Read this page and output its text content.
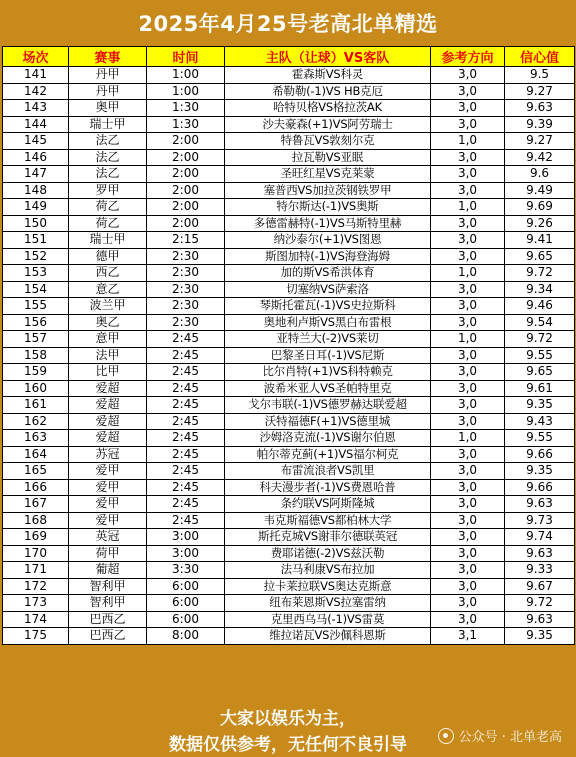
2025年4月25号老高北单精选
场次	赛事	时间	主队（让球）VS客队	参考方向	信心值
141	丹甲	1:00	霍森斯VS科灵	3,0	9.5
142	丹甲	1:00	希勒勒(-1)VS HB克厄	3,0	9.27
143	奥甲	1:30	哈特贝格VS格拉茨AK	3,0	9.63
144	瑞士甲	1:30	沙夫豪森(+1)VS阿劳瑞士	3,0	9.39
145	法乙	2:00	特鲁瓦VS敦刻尔克	1,0	9.27
146	法乙	2:00	拉瓦勒VS亚眠	3,0	9.42
147	法乙	2:00	圣旺红星VS克莱蒙	3,0	9.6
148	罗甲	2:00	塞普西VS加拉茨钢铁罗甲	3,0	9.49
149	荷乙	2:00	特尔斯达(-1)VS奥斯	1,0	9.69
150	荷乙	2:00	多德雷赫特(-1)VS马斯特里赫	3,0	9.26
151	瑞士甲	2:15	纳沙泰尔(+1)VS图恩	3,0	9.41
152	德甲	2:30	斯图加特(-1)VS海登海姆	3,0	9.65
153	西乙	2:30	加的斯VS希洪体育	1,0	9.72
154	意乙	2:30	切塞纳VS萨索洛	3,0	9.34
155	波兰甲	2:30	琴斯托霍瓦(-1)VS史拉斯科	3,0	9.46
156	奥乙	2:30	奥地利卢斯VS黑白布雷根	3,0	9.54
157	意甲	2:45	亚特兰大(-2)VS莱切	1,0	9.72
158	法甲	2:45	巴黎圣日耳(-1)VS尼斯	3,0	9.55
159	比甲	2:45	比尔肖特(+1)VS科特赖克	3,0	9.65
160	爱超	2:45	波希米亚人VS圣帕特里克	3,0	9.61
161	爱超	2:45	戈尔韦联(-1)VS德罗赫达联爱超	3,0	9.35
162	爱超	2:45	沃特福德F(+1)VS德里城	3,0	9.43
163	爱超	2:45	沙姆洛克流(-1)VS谢尔伯恩	1,0	9.55
164	苏冠	2:45	帕尔蒂克蓟(+1)VS福尔柯克	3,0	9.66
165	爱甲	2:45	布雷流浪者VS凯里	3,0	9.35
166	爱甲	2:45	科夫漫步者(-1)VS费恩哈普	3,0	9.66
167	爱甲	2:45	条约联VS阿斯隆城	3,0	9.63
168	爱甲	2:45	韦克斯福德VS都柏林大学	3,0	9.73
169	英冠	3:00	斯托克城VS谢菲尔德联英冠	3,0	9.74
170	荷甲	3:00	费耶诺德(-2)VS兹沃勒	3,0	9.63
171	葡超	3:30	法马利康VS布拉加	3,0	9.33
172	智利甲	6:00	拉卡莱拉联VS奥达克斯意	3,0	9.67
173	智利甲	6:00	纽布莱恩斯VS拉塞雷纳	3,0	9.72
174	巴西乙	6:00	克里西乌马(-1)VS雷莫	3,0	9.63
175	巴西乙	8:00	维拉诺瓦VS沙佩科恩斯	3,1	9.35
大家以娱乐为主，
数据仅供参考，无任何不良引导	公众号 · 北单老高
